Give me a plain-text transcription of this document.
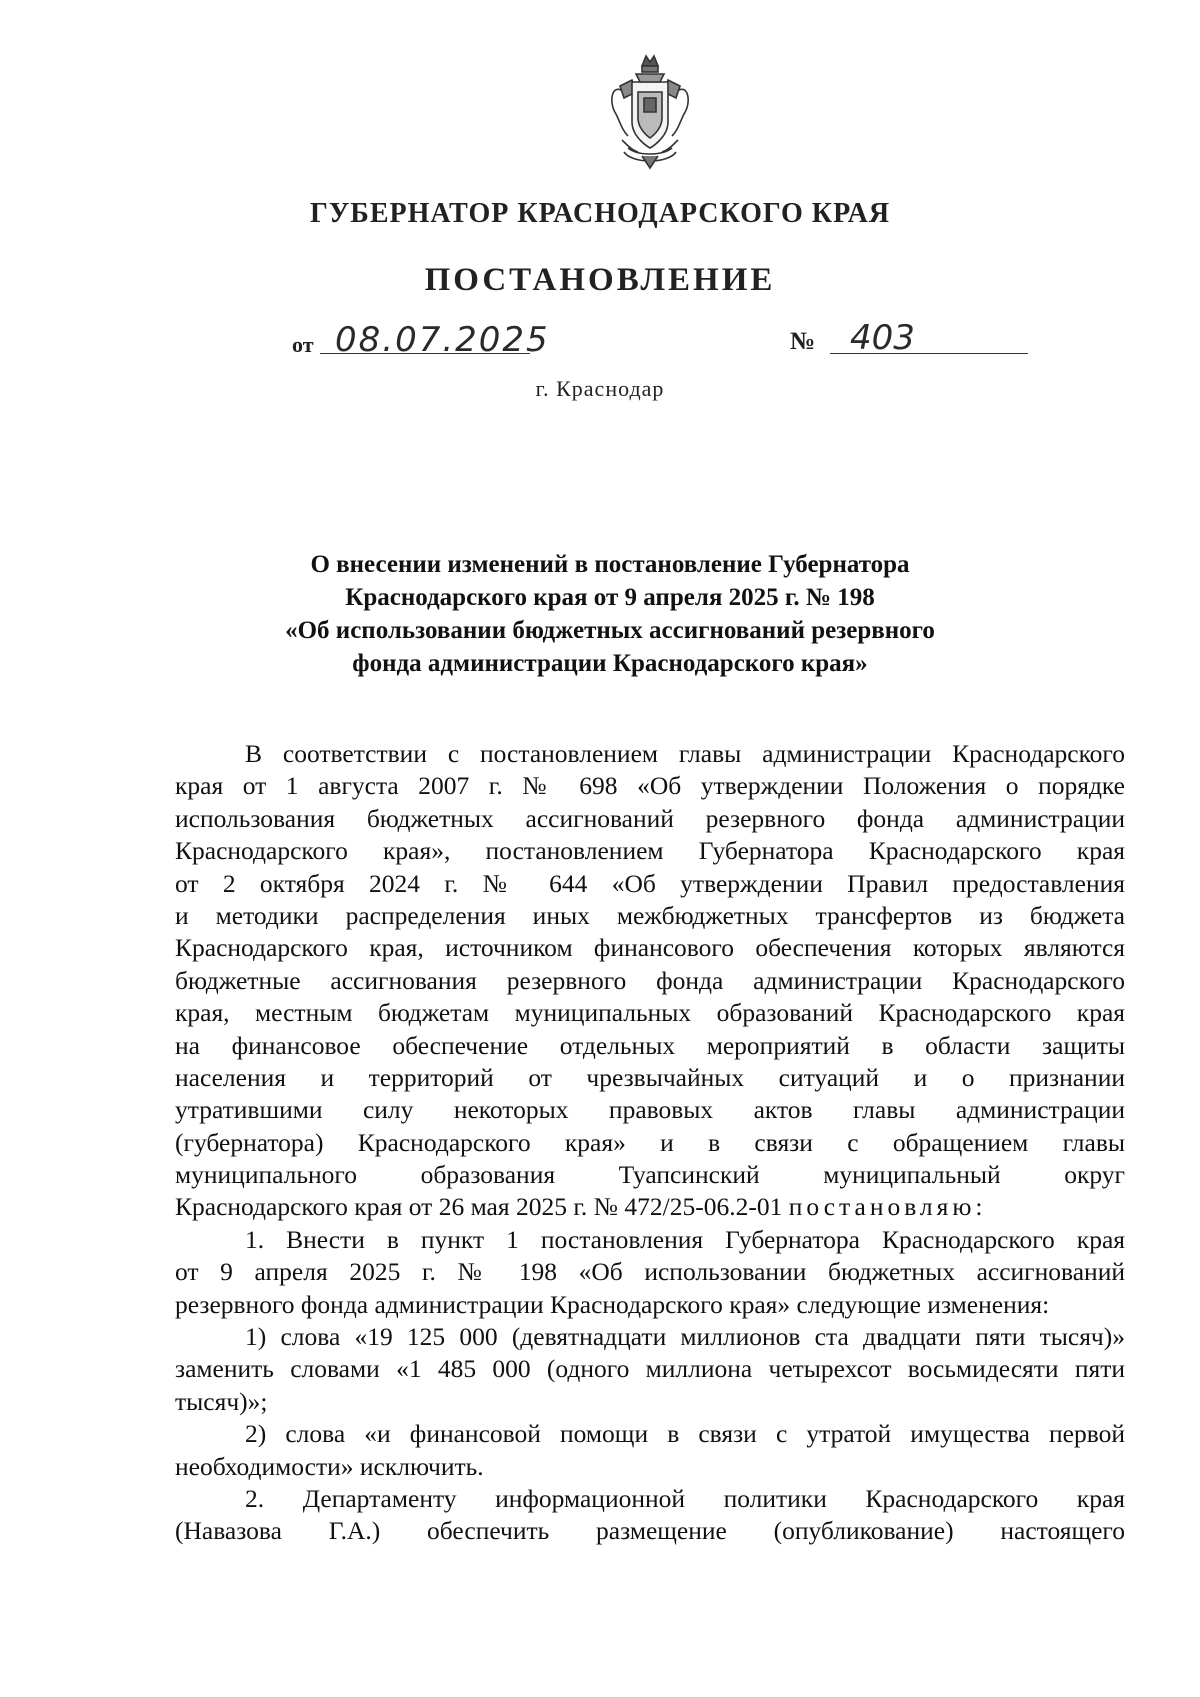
ГУБЕРНАТОР КРАСНОДАРСКОГО КРАЯ
ПОСТАНОВЛЕНИЕ
от 08.07.2025	№ 403
г. Краснодар
О внесении изменений в постановление Губернатора
Краснодарского края от 9 апреля 2025 г. № 198
«Об использовании бюджетных ассигнований резервного
фонда администрации Краснодарского края»
В соответствии с постановлением главы администрации Краснодарского
края от 1 августа 2007 г. № 698 «Об утверждении Положения о порядке
использования бюджетных ассигнований резервного фонда администрации
Краснодарского края», постановлением Губернатора Краснодарского края
от 2 октября 2024 г. № 644 «Об утверждении Правил предоставления
и методики распределения иных межбюджетных трансфертов из бюджета
Краснодарского края, источником финансового обеспечения которых являются
бюджетные ассигнования резервного фонда администрации Краснодарского
края, местным бюджетам муниципальных образований Краснодарского края
на финансовое обеспечение отдельных мероприятий в области защиты
населения и территорий от чрезвычайных ситуаций и о признании
утратившими силу некоторых правовых актов главы администрации
(губернатора) Краснодарского края» и в связи с обращением главы
муниципального образования Туапсинский муниципальный округ
Краснодарского края от 26 мая 2025 г. № 472/25-06.2-01 постановляю:
1. Внести в пункт 1 постановления Губернатора Краснодарского края
от 9 апреля 2025 г. № 198 «Об использовании бюджетных ассигнований
резервного фонда администрации Краснодарского края» следующие изменения:
1) слова «19 125 000 (девятнадцати миллионов ста двадцати пяти тысяч)»
заменить словами «1 485 000 (одного миллиона четырехсот восьмидесяти пяти
тысяч)»;
2) слова «и финансовой помощи в связи с утратой имущества первой
необходимости» исключить.
2. Департаменту информационной политики Краснодарского края
(Навазова Г.А.) обеспечить размещение (опубликование) настоящего
